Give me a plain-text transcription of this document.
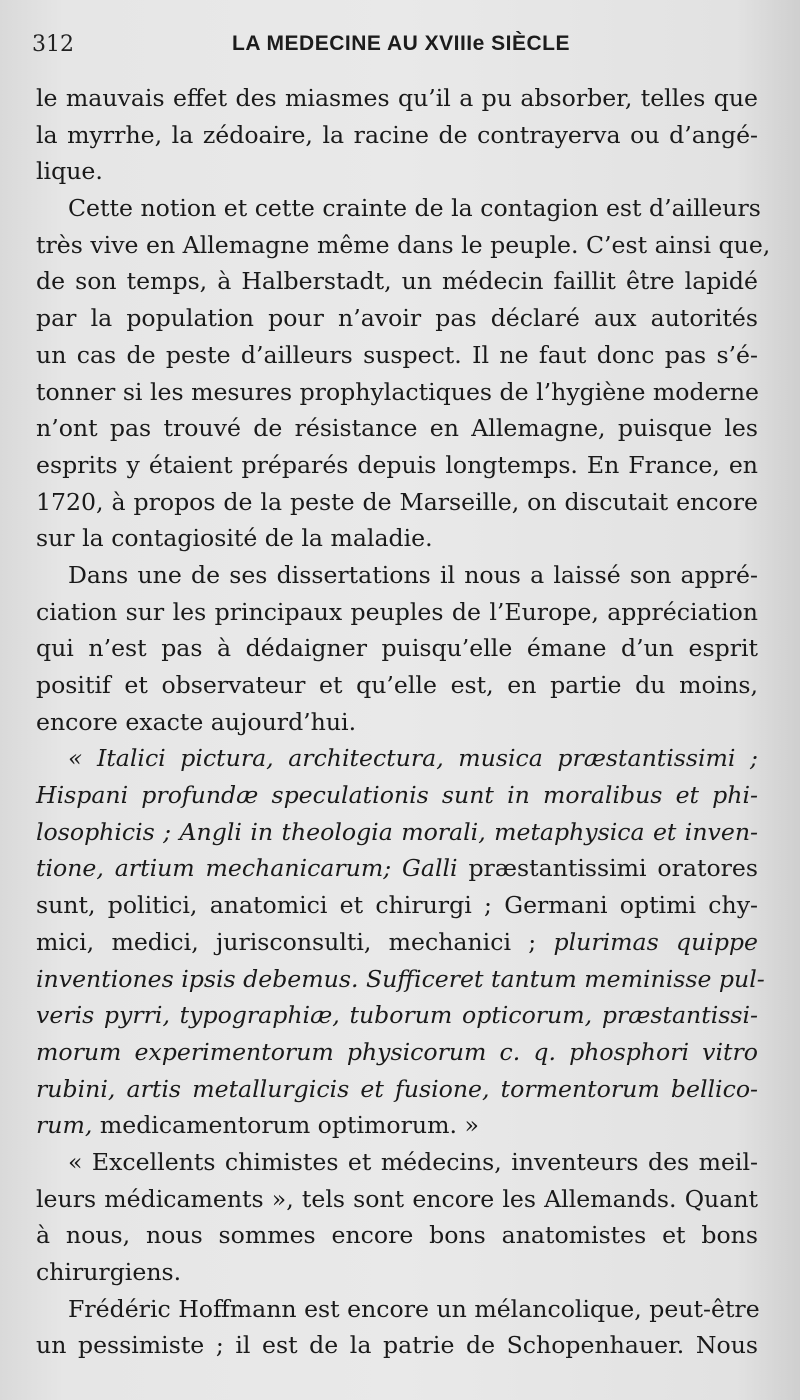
312	LA MEDECINE AU XVIIIe SIÈCLE
le mauvais effet des miasmes qu’il a pu absorber, telles que
la myrrhe, la zédoaire, la racine de contrayerva ou d’angé-
lique.
Cette notion et cette crainte de la contagion est d’ailleurs
très vive en Allemagne même dans le peuple. C’est ainsi que,
de son temps, à Halberstadt, un médecin faillit être lapidé
par la population pour n’avoir pas déclaré aux autorités
un cas de peste d’ailleurs suspect. Il ne faut donc pas s’é-
tonner si les mesures prophylactiques de l’hygiène moderne
n’ont pas trouvé de résistance en Allemagne, puisque les
esprits y étaient préparés depuis longtemps. En France, en
1720, à propos de la peste de Marseille, on discutait encore
sur la contagiosité de la maladie.
Dans une de ses dissertations il nous a laissé son appré-
ciation sur les principaux peuples de l’Europe, appréciation
qui n’est pas à dédaigner puisqu’elle émane d’un esprit
positif et observateur et qu’elle est, en partie du moins,
encore exacte aujourd’hui.
« Italici pictura, architectura, musica præstantissimi ;
Hispani profundæ speculationis sunt in moralibus et phi-
losophicis ; Angli in theologia morali, metaphysica et inven-
tione, artium mechanicarum; Galli præstantissimi oratores
sunt, politici, anatomici et chirurgi ; Germani optimi chy-
mici, medici, jurisconsulti, mechanici ; plurimas quippe
inventiones ipsis debemus. Sufficeret tantum meminisse pul-
veris pyrri, typographiæ, tuborum opticorum, præstantissi-
morum experimentorum physicorum c. q. phosphori vitro
rubini, artis metallurgicis et fusione, tormentorum bellico-
rum, medicamentorum optimorum. »
« Excellents chimistes et médecins, inventeurs des meil-
leurs médicaments », tels sont encore les Allemands. Quant
à nous, nous sommes encore bons anatomistes et bons
chirurgiens.
Frédéric Hoffmann est encore un mélancolique, peut-être
un pessimiste ; il est de la patrie de Schopenhauer. Nous
